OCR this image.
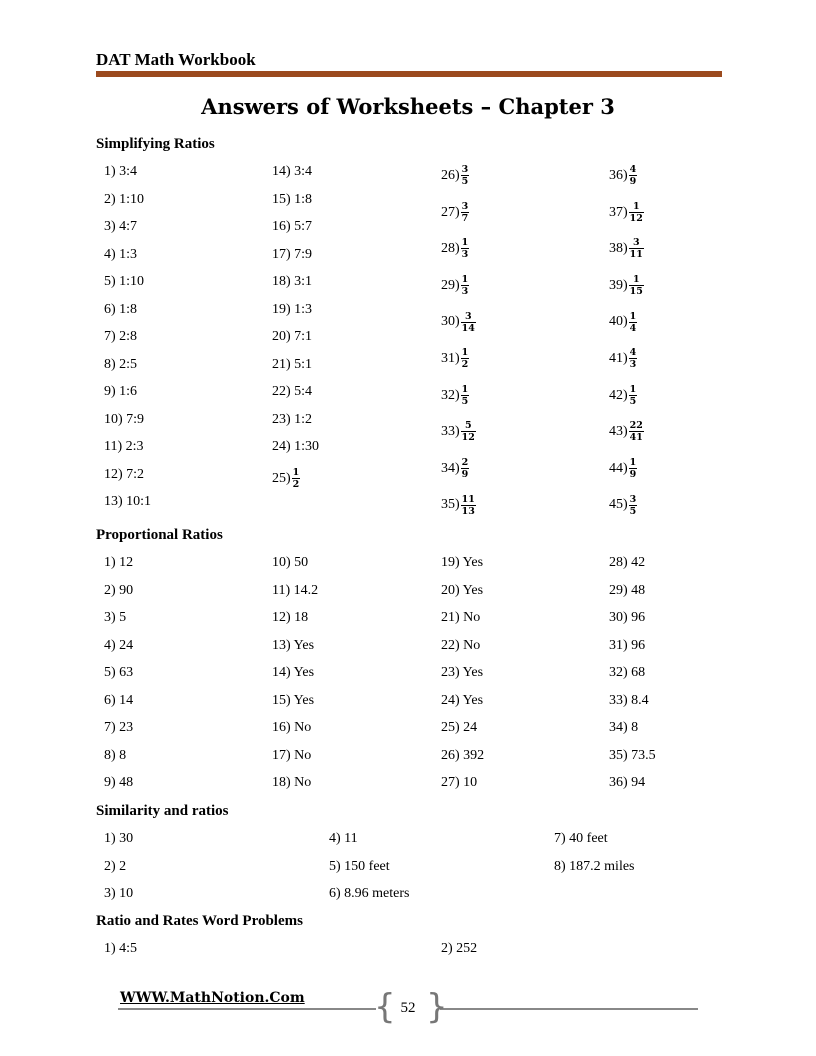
DAT Math Workbook
Answers of Worksheets – Chapter 3
Simplifying Ratios
1) 3:4
2) 1:10
3) 4:7
4) 1:3
5) 1:10
6) 1:8
7) 2:8
8) 2:5
9) 1:6
10) 7:9
11) 2:3
12) 7:2
13) 10:1
14) 3:4
15) 1:8
16) 5:7
17) 7:9
18) 3:1
19) 1:3
20) 7:1
21) 5:1
22) 5:4
23) 1:2
24) 1:30
$25) \frac{1}{2}$
$26) \frac{3}{5}$
$27) \frac{3}{7}$
$28) \frac{1}{3}$
$29) \frac{1}{3}$
$30) \frac{3}{14}$
$31) \frac{1}{2}$
$32) \frac{1}{5}$
$33) \frac{5}{12}$
$34) \frac{2}{9}$
$35) \frac{11}{13}$
$36) \frac{4}{9}$
$37) \frac{1}{12}$
$38) \frac{3}{11}$
$39) \frac{1}{15}$
$40) \frac{1}{4}$
$41) \frac{4}{3}$
$42) \frac{1}{5}$
$43) \frac{22}{41}$
$44) \frac{1}{9}$
$45) \frac{3}{5}$
Proportional Ratios
1) 12
2) 90
3) 5
4) 24
5) 63
6) 14
7) 23
8) 8
9) 48
10) 50
11) 14.2
12) 18
13) Yes
14) Yes
15) Yes
16) No
17) No
18) No
19) Yes
20) Yes
21) No
22) No
23) Yes
24) Yes
25) 24
26) 392
27) 10
28) 42
29) 48
30) 96
31) 96
32) 68
33) 8.4
34) 8
35) 73.5
36) 94
Similarity and ratios
1) 30
2) 2
3) 10
4) 11
5) 150 feet
6) 8.96 meters
7) 40 feet
8) 187.2 miles
Ratio and Rates Word Problems
1) 4:5	2) 252
WWW.MathNotion.Com { }
52
